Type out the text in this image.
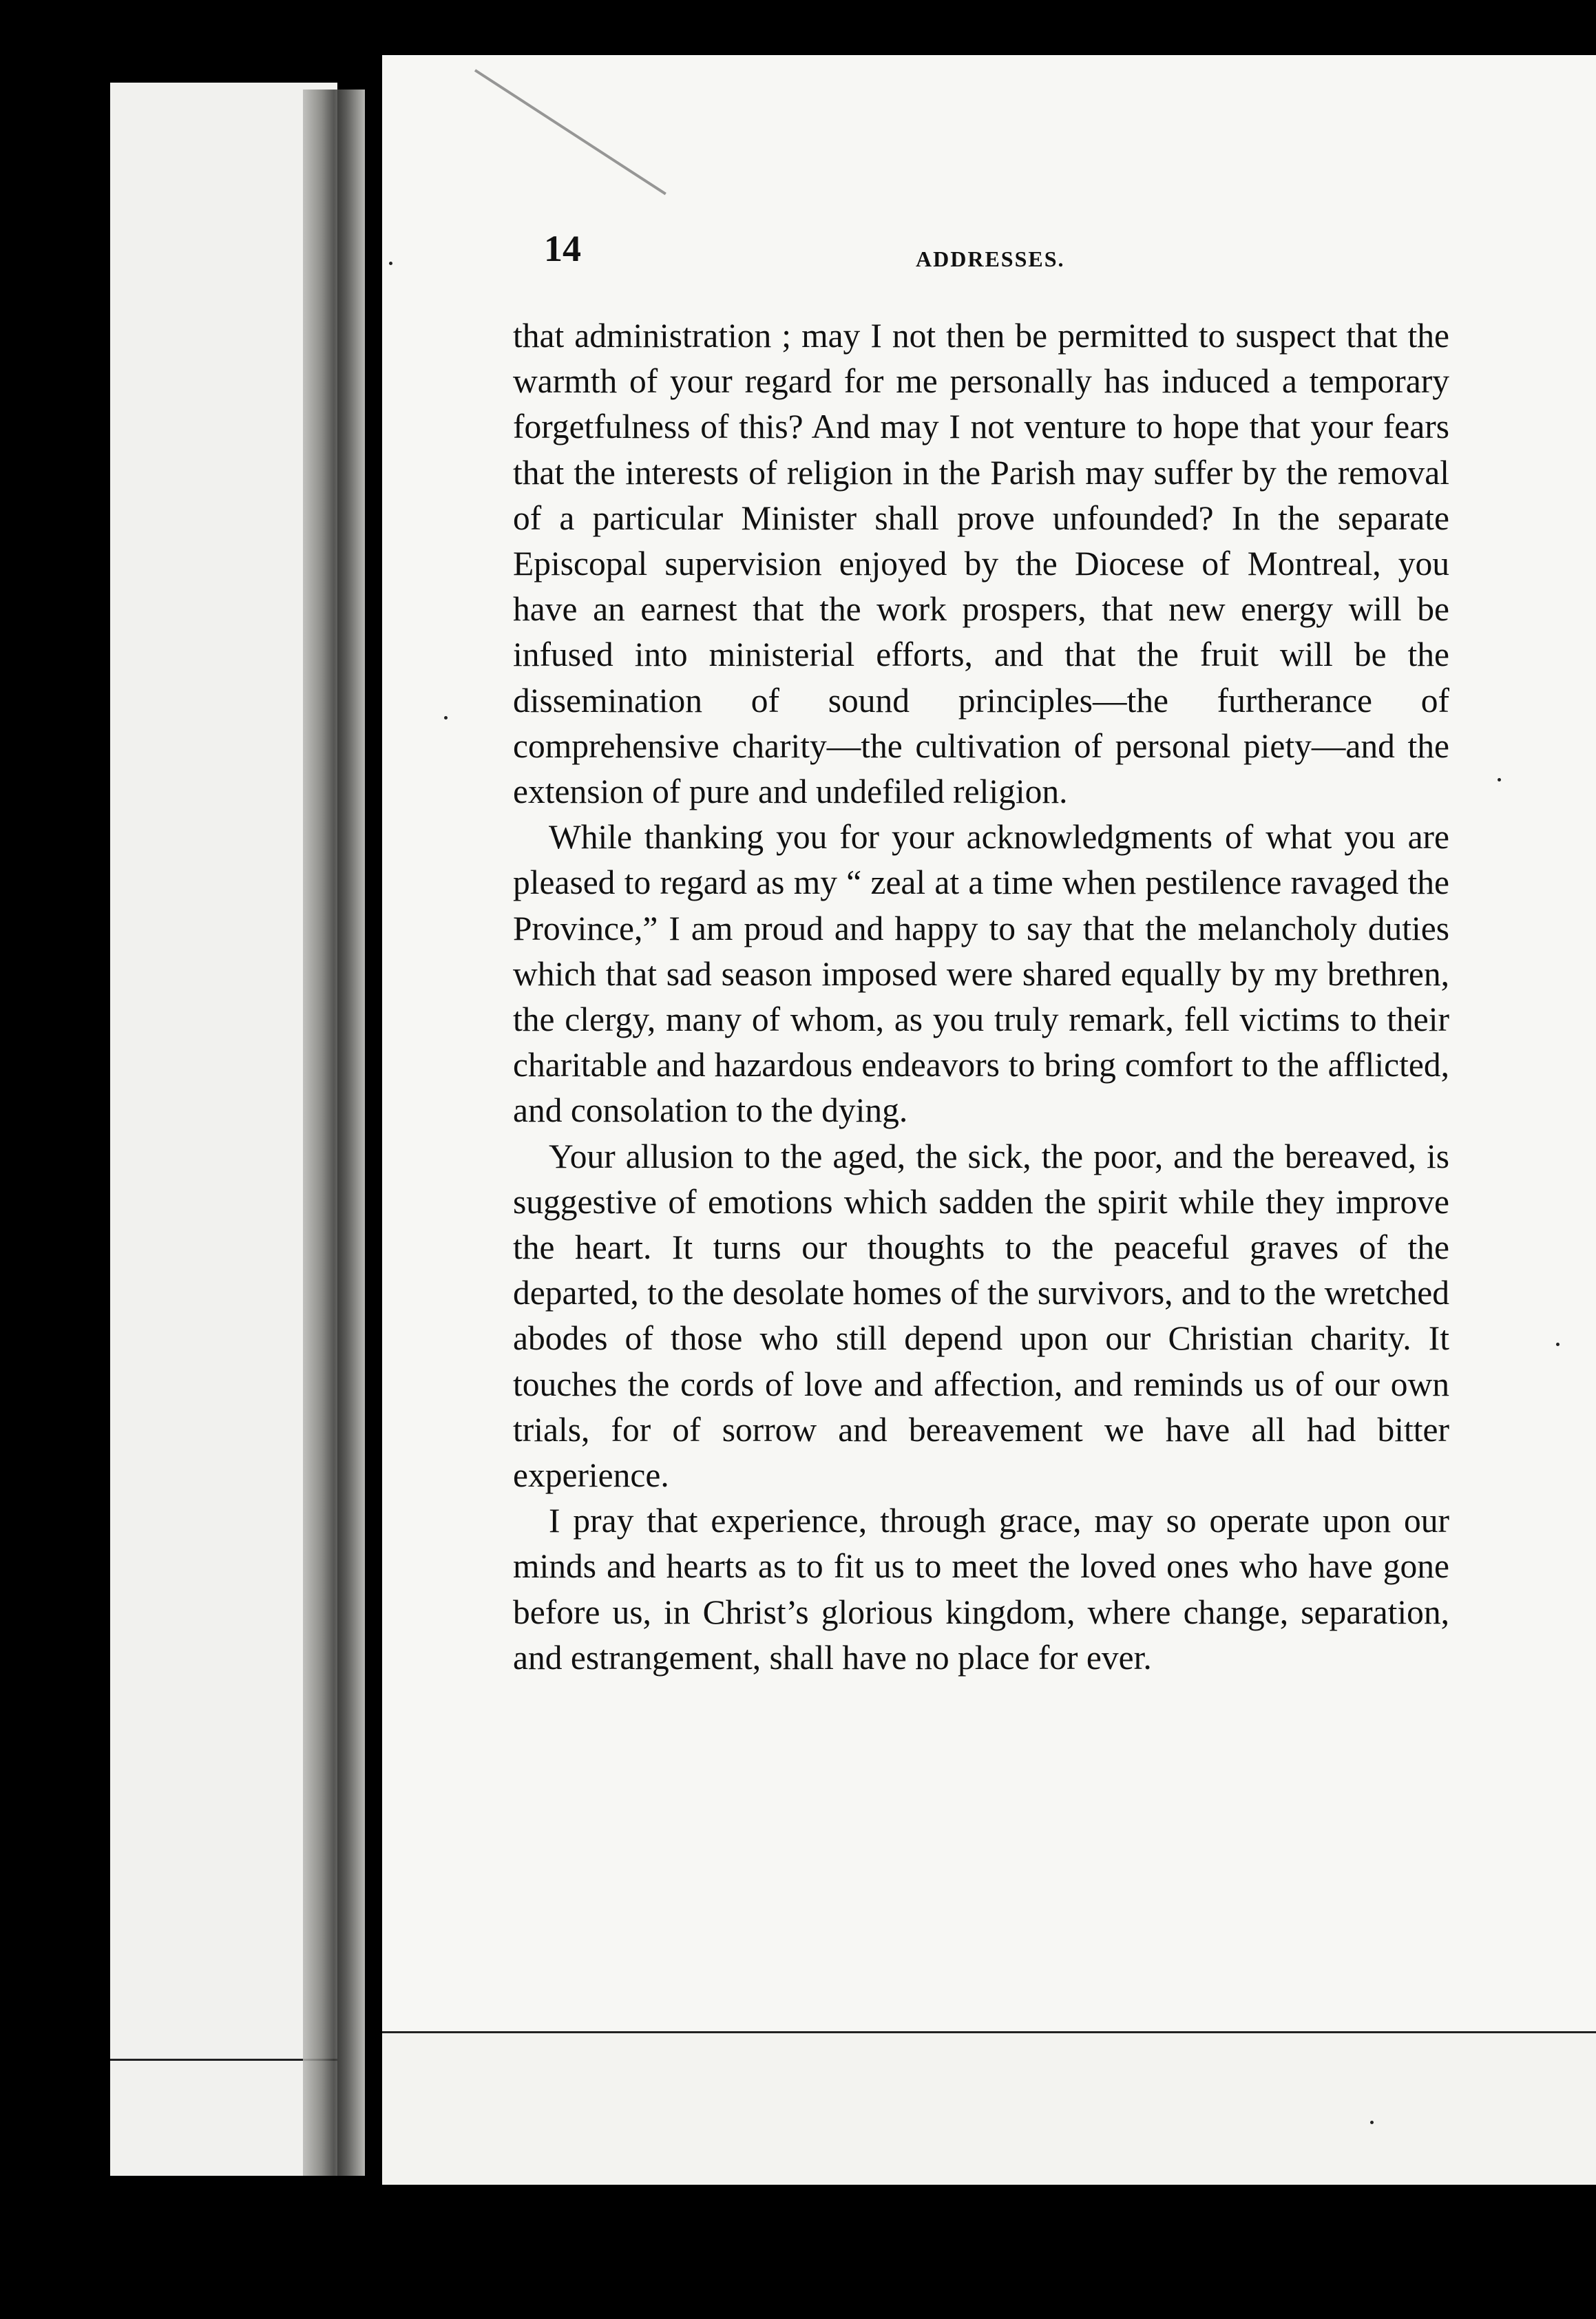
14	ADDRESSES.

that administration ; may I not then be permitted to suspect that the warmth of your regard for me personally has induced a temporary forgetfulness of this? And may I not venture to hope that your fears that the interests of religion in the Parish may suffer by the removal of a particular Minister shall prove unfounded? In the separate Episcopal supervision enjoyed by the Diocese of Montreal, you have an earnest that the work prospers, that new energy will be infused into ministerial efforts, and that the fruit will be the dissemination of sound principles—the furtherance of comprehensive charity—the cultivation of personal piety—and the extension of pure and undefiled religion.

While thanking you for your acknowledgments of what you are pleased to regard as my “ zeal at a time when pestilence ravaged the Province,” I am proud and happy to say that the melancholy duties which that sad season imposed were shared equally by my brethren, the clergy, many of whom, as you truly remark, fell victims to their charitable and hazardous endeavors to bring comfort to the afflicted, and consolation to the dying.

Your allusion to the aged, the sick, the poor, and the bereaved, is suggestive of emotions which sadden the spirit while they improve the heart. It turns our thoughts to the peaceful graves of the departed, to the desolate homes of the survivors, and to the wretched abodes of those who still depend upon our Christian charity. It touches the cords of love and affection, and reminds us of our own trials, for of sorrow and bereavement we have all had bitter experience.

I pray that experience, through grace, may so operate upon our minds and hearts as to fit us to meet the loved ones who have gone before us, in Christ’s glorious kingdom, where change, separation, and estrangement, shall have no place for ever.
